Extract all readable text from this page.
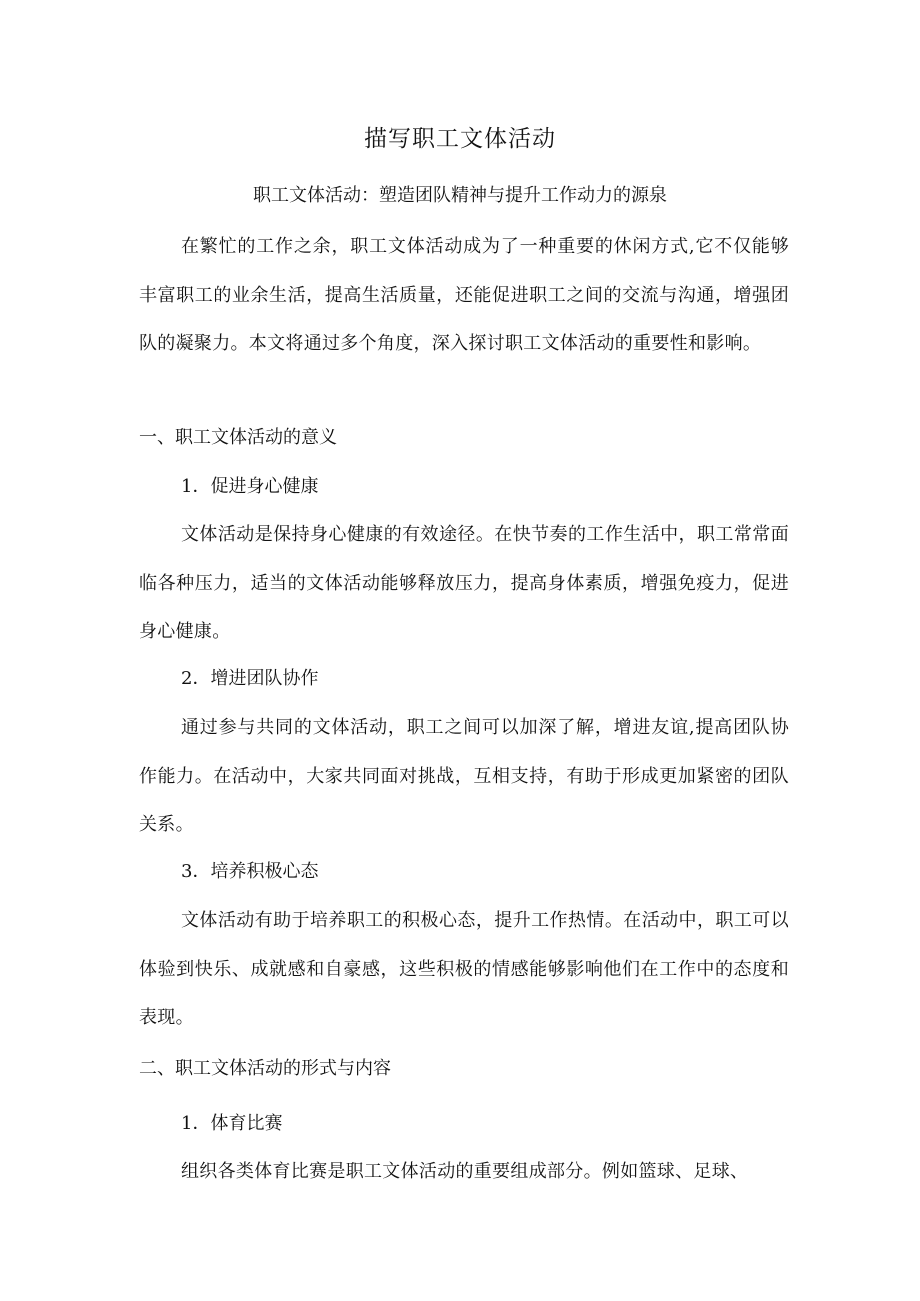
描写职工文体活动
职工文体活动：塑造团队精神与提升工作动力的源泉

在繁忙的工作之余，职工文体活动成为了一种重要的休闲方式,它不仅能够丰富职工的业余生活，提高生活质量，还能促进职工之间的交流与沟通，增强团队的凝聚力。本文将通过多个角度，深入探讨职工文体活动的重要性和影响。

一、职工文体活动的意义

1．促进身心健康

文体活动是保持身心健康的有效途径。在快节奏的工作生活中，职工常常面临各种压力，适当的文体活动能够释放压力，提高身体素质，增强免疫力，促进身心健康。

2．增进团队协作

通过参与共同的文体活动，职工之间可以加深了解，增进友谊,提高团队协作能力。在活动中，大家共同面对挑战，互相支持，有助于形成更加紧密的团队关系。

3．培养积极心态

文体活动有助于培养职工的积极心态，提升工作热情。在活动中，职工可以体验到快乐、成就感和自豪感，这些积极的情感能够影响他们在工作中的态度和表现。

二、职工文体活动的形式与内容

1．体育比赛

组织各类体育比赛是职工文体活动的重要组成部分。例如篮球、足球、
